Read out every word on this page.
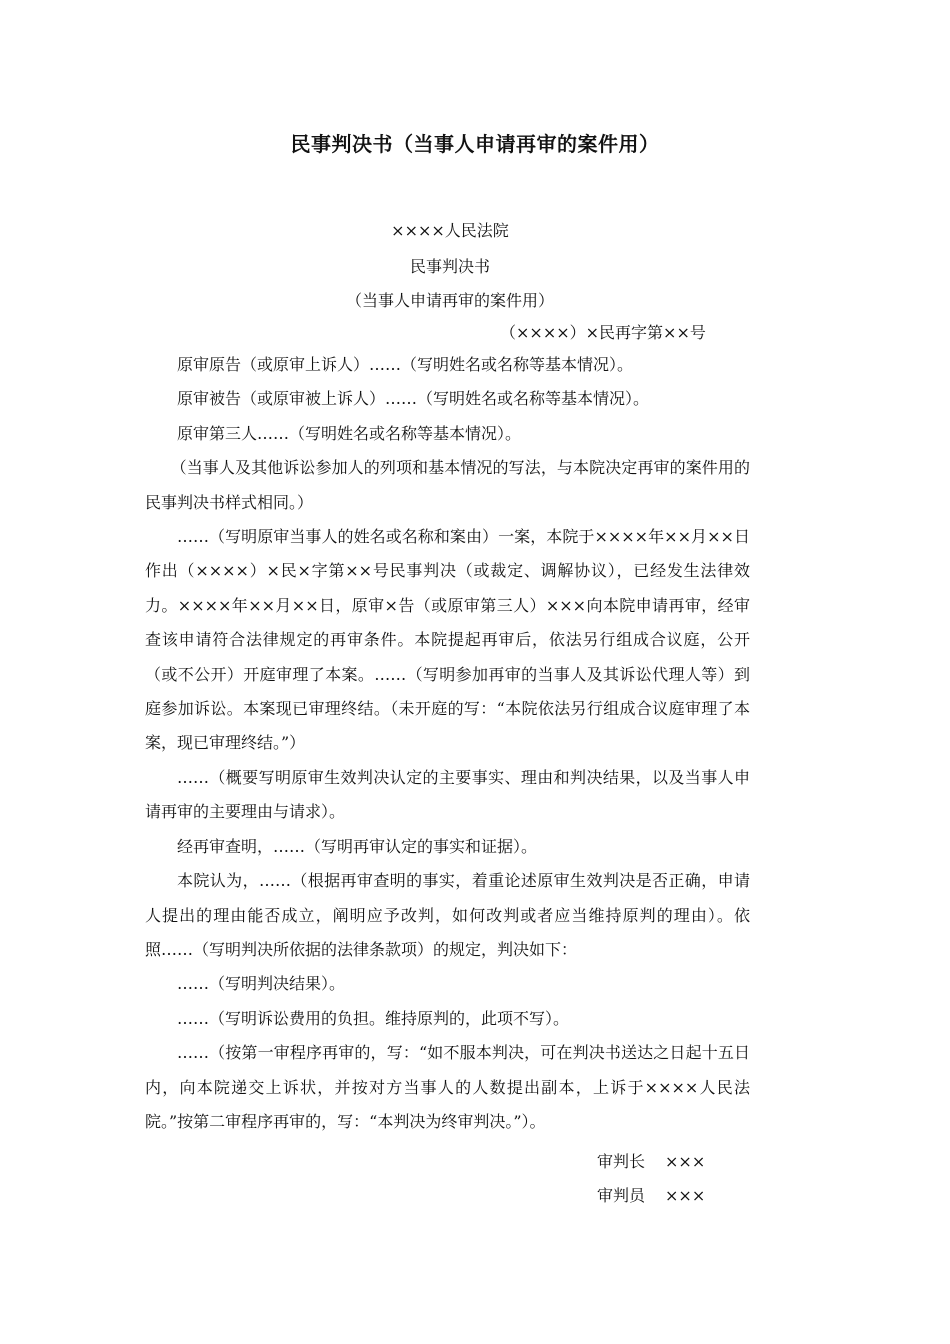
民事判决书（当事人申请再审的案件用）
××××人民法院
民事判决书
（当事人申请再审的案件用）
（××××）×民再字第××号

原审原告（或原审上诉人）……（写明姓名或名称等基本情况）。

原审被告（或原审被上诉人）……（写明姓名或名称等基本情况）。

原审第三人……（写明姓名或名称等基本情况）。

（当事人及其他诉讼参加人的列项和基本情况的写法，与本院决定再审的案件用的民事判决书样式相同。）

……（写明原审当事人的姓名或名称和案由）一案，本院于××××年××月××日作出（××××）×民×字第××号民事判决（或裁定、调解协议），已经发生法律效力。××××年××月××日，原审×告（或原审第三人）×××向本院申请再审，经审查该申请符合法律规定的再审条件。本院提起再审后，依法另行组成合议庭，公开（或不公开）开庭审理了本案。……（写明参加再审的当事人及其诉讼代理人等）到庭参加诉讼。本案现已审理终结。（未开庭的写：“本院依法另行组成合议庭审理了本案，现已审理终结。”）

……（概要写明原审生效判决认定的主要事实、理由和判决结果，以及当事人申请再审的主要理由与请求）。

经再审查明，……（写明再审认定的事实和证据）。

本院认为，……（根据再审查明的事实，着重论述原审生效判决是否正确，申请人提出的理由能否成立，阐明应予改判，如何改判或者应当维持原判的理由）。依照……（写明判决所依据的法律条款项）的规定，判决如下：

……（写明判决结果）。

……（写明诉讼费用的负担。维持原判的，此项不写）。

……（按第一审程序再审的，写：“如不服本判决，可在判决书送达之日起十五日内，向本院递交上诉状，并按对方当事人的人数提出副本，上诉于××××人民法院。”按第二审程序再审的，写：“本判决为终审判决。”）。

审判长 ×××
审判员 ×××
